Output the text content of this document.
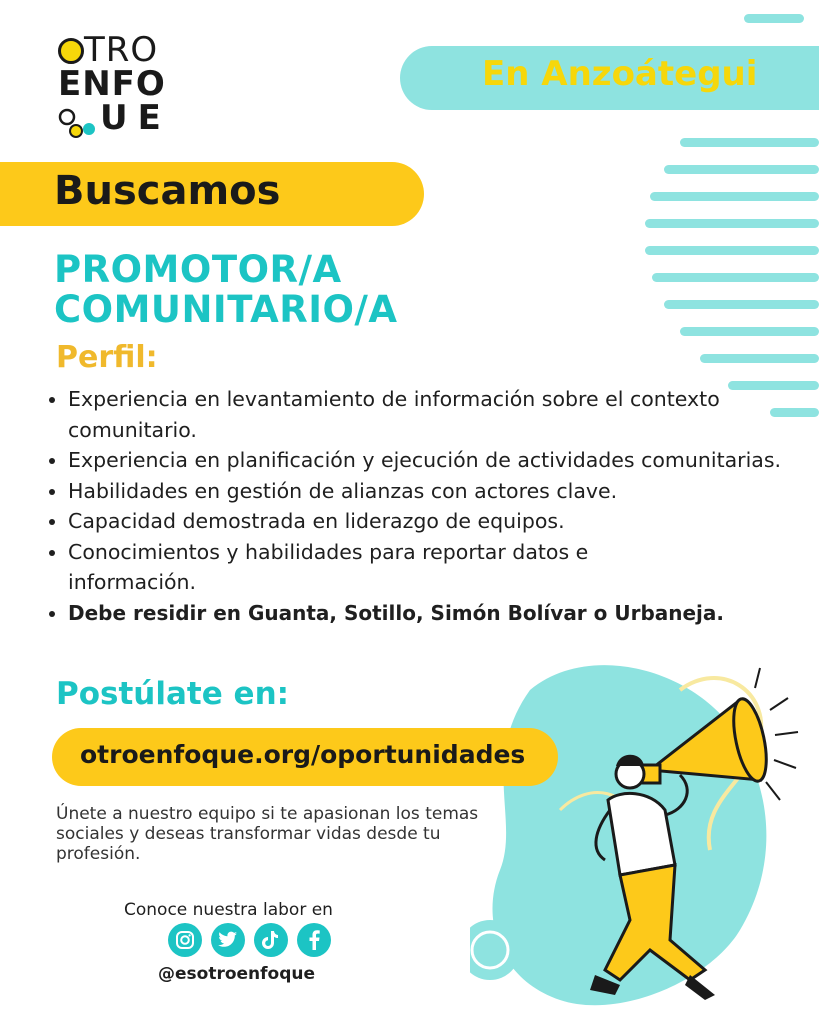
TRO
ENFO
UE
En Anzoátegui
Buscamos
PROMOTOR/A
COMUNITARIO/A
Perfil:
Experiencia en levantamiento de información sobre el contexto comunitario.
Experiencia en planificación y ejecución de actividades comunitarias.
Habilidades en gestión de alianzas con actores clave.
Capacidad demostrada en liderazgo de equipos.
Conocimientos y habilidades para reportar datos e información.
Debe residir en Guanta, Sotillo, Simón Bolívar o Urbaneja.
Postúlate en:
otroenfoque.org/oportunidades
Únete a nuestro equipo si te apasionan los temas sociales y deseas transformar vidas desde tu profesión.
Conoce nuestra labor en
@esotroenfoque
